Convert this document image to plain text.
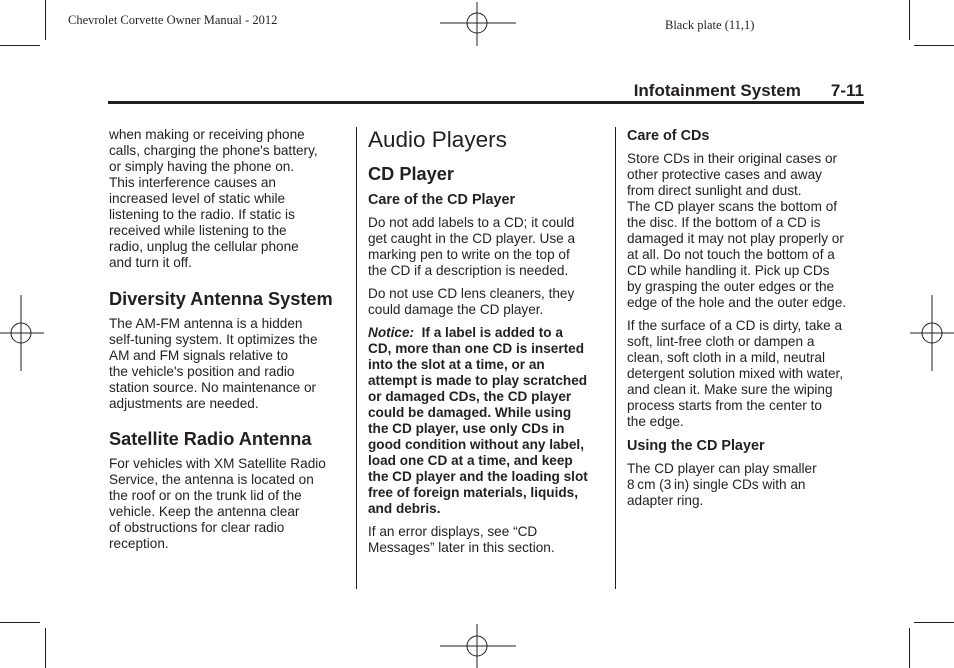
Chevrolet Corvette Owner Manual - 2012	Black plate (11,1)
Infotainment System 7-11

when making or receiving phone
calls, charging the phone's battery,
or simply having the phone on.
This interference causes an
increased level of static while
listening to the radio. If static is
received while listening to the
radio, unplug the cellular phone
and turn it off.

Diversity Antenna System

The AM-FM antenna is a hidden
self-tuning system. It optimizes the
AM and FM signals relative to
the vehicle's position and radio
station source. No maintenance or
adjustments are needed.

Satellite Radio Antenna

For vehicles with XM Satellite Radio
Service, the antenna is located on
the roof or on the trunk lid of the
vehicle. Keep the antenna clear
of obstructions for clear radio
reception.

Audio Players
CD Player
Care of the CD Player

Do not add labels to a CD; it could
get caught in the CD player. Use a
marking pen to write on the top of
the CD if a description is needed.

Do not use CD lens cleaners, they
could damage the CD player.

Notice: If a label is added to a
CD, more than one CD is inserted
into the slot at a time, or an
attempt is made to play scratched
or damaged CDs, the CD player
could be damaged. While using
the CD player, use only CDs in
good condition without any label,
load one CD at a time, and keep
the CD player and the loading slot
free of foreign materials, liquids,
and debris.

If an error displays, see “CD
Messages” later in this section.

Care of CDs

Store CDs in their original cases or
other protective cases and away
from direct sunlight and dust.
The CD player scans the bottom of
the disc. If the bottom of a CD is
damaged it may not play properly or
at all. Do not touch the bottom of a
CD while handling it. Pick up CDs
by grasping the outer edges or the
edge of the hole and the outer edge.

If the surface of a CD is dirty, take a
soft, lint-free cloth or dampen a
clean, soft cloth in a mild, neutral
detergent solution mixed with water,
and clean it. Make sure the wiping
process starts from the center to
the edge.

Using the CD Player

The CD player can play smaller
8 cm (3 in) single CDs with an
adapter ring.
